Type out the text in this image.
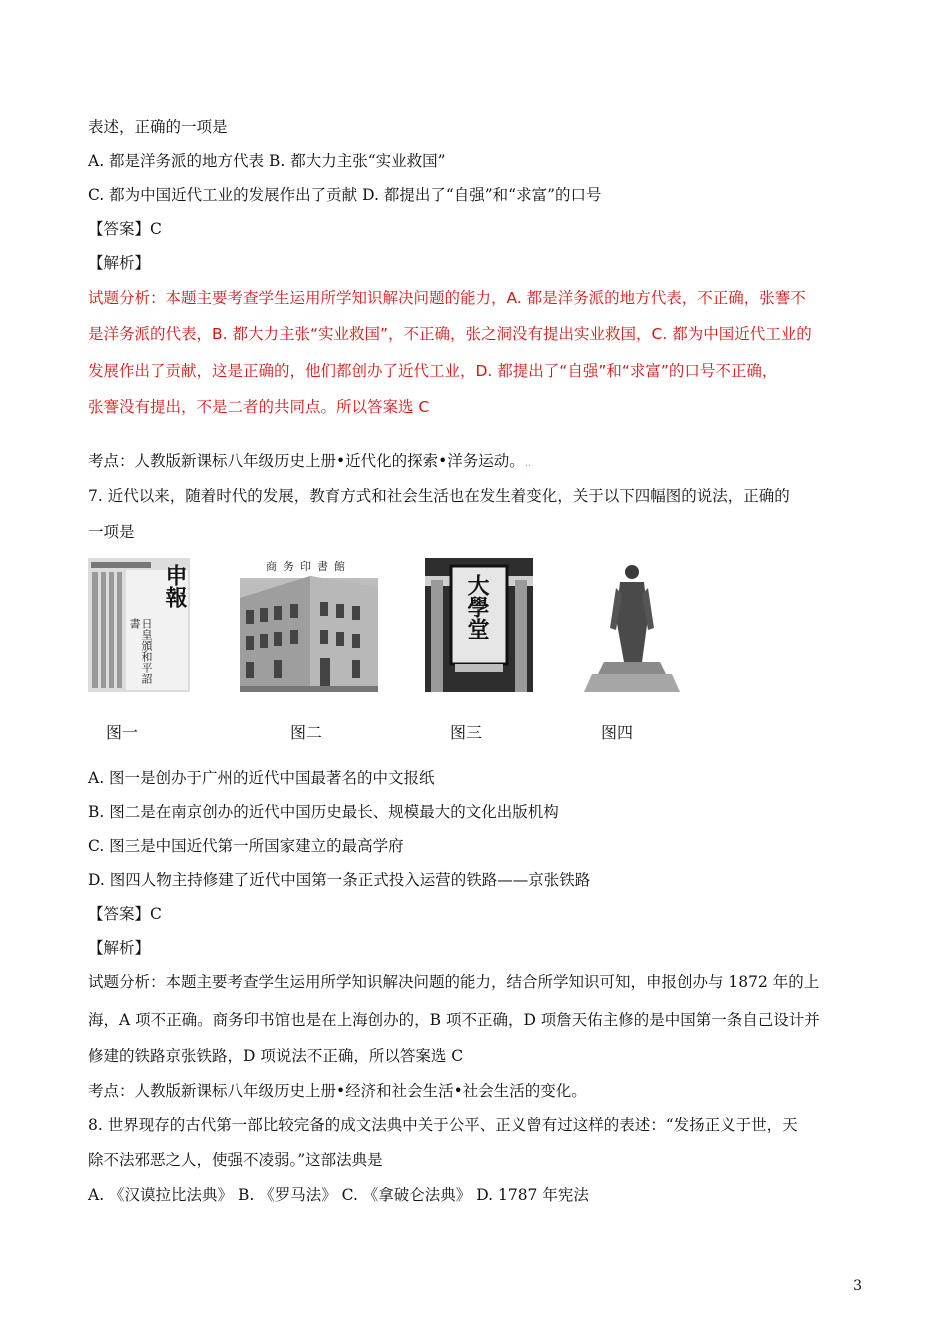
表述，正确的一项是
A. 都是洋务派的地方代表 B. 都大力主张“实业救国”
C. 都为中国近代工业的发展作出了贡献 D. 都提出了“自强”和“求富”的口号
【答案】C
【解析】
试题分析：本题主要考查学生运用所学知识解决问题的能力，A. 都是洋务派的地方代表，不正确，张謇不
是洋务派的代表，B. 都大力主张“实业救国”，不正确，张之洞没有提出实业救国，C. 都为中国近代工业的
发展作出了贡献，这是正确的，他们都创办了近代工业，D. 都提出了“自强”和“求富”的口号不正确，
张謇没有提出，不是二者的共同点。所以答案选 C
考点：人教版新课标八年级历史上册•近代化的探索•洋务运动。..
7. 近代以来，随着时代的发展，教育方式和社会生活也在发生着变化，关于以下四幅图的说法，正确的
一项是
申報
日皇頒和平詔書
商务印書館
大學堂
图一	图二	图三	图四
A. 图一是创办于广州的近代中国最著名的中文报纸
B. 图二是在南京创办的近代中国历史最长、规模最大的文化出版机构
C. 图三是中国近代第一所国家建立的最高学府
D. 图四人物主持修建了近代中国第一条正式投入运营的铁路——京张铁路
【答案】C
【解析】
试题分析：本题主要考查学生运用所学知识解决问题的能力，结合所学知识可知，申报创办与 1872 年的上
海，A 项不正确。商务印书馆也是在上海创办的，B 项不正确，D 项詹天佑主修的是中国第一条自己设计并
修建的铁路京张铁路，D 项说法不正确，所以答案选 C
考点：人教版新课标八年级历史上册•经济和社会生活•社会生活的变化。
8. 世界现存的古代第一部比较完备的成文法典中关于公平、正义曾有过这样的表述：“发扬正义于世，天
除不法邪恶之人，使强不凌弱。”这部法典是
A. 《汉谟拉比法典》 B. 《罗马法》 C. 《拿破仑法典》 D. 1787 年宪法
3
